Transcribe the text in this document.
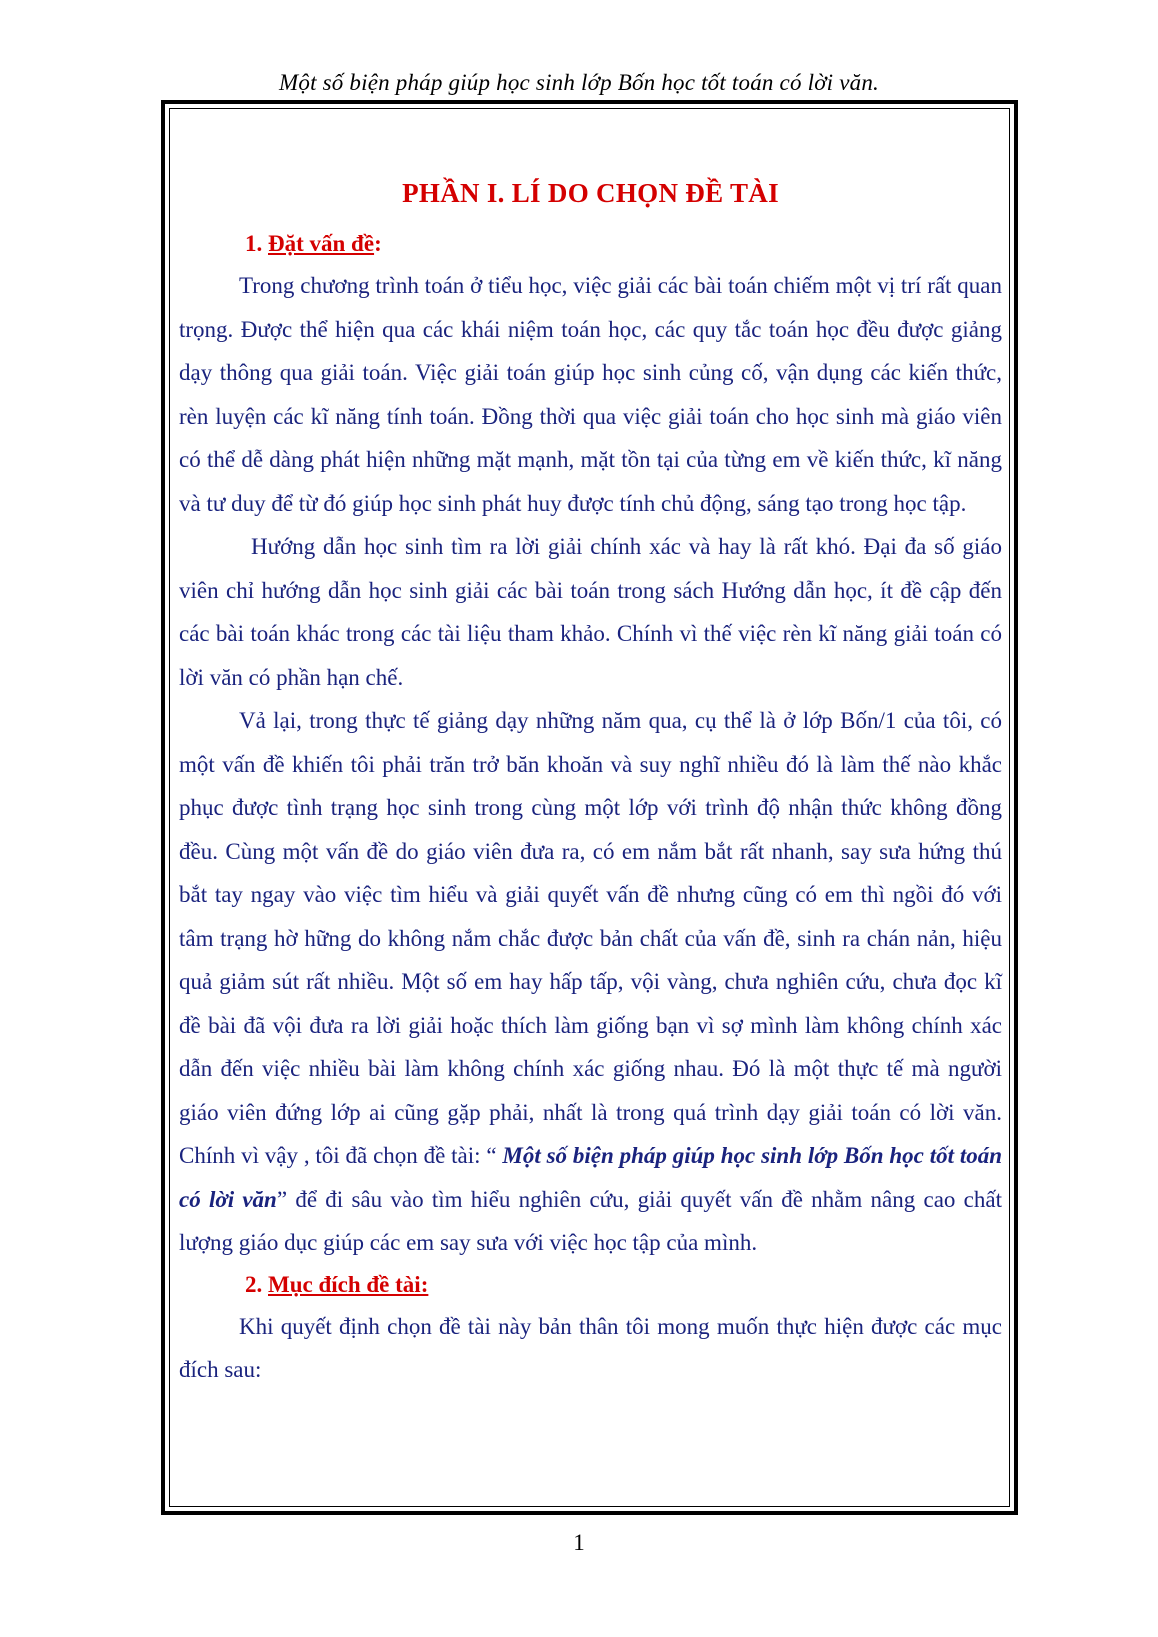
Một số biện pháp giúp học sinh lớp Bốn học tốt toán có lời văn.
PHẦN I. LÍ DO CHỌN ĐỀ TÀI

1. Đặt vấn đề:

Trong chương trình toán ở tiểu học, việc giải các bài toán chiếm một vị trí rất quan trọng. Được thể hiện qua các khái niệm toán học, các quy tắc toán học đều được giảng dạy thông qua giải toán. Việc giải toán giúp học sinh củng cố, vận dụng các kiến thức, rèn luyện các kĩ năng tính toán. Đồng thời qua việc giải toán cho học sinh mà giáo viên có thể dễ dàng phát hiện những mặt mạnh, mặt tồn tại của từng em về kiến thức, kĩ năng và tư duy để từ đó giúp học sinh phát huy được tính chủ động, sáng tạo trong học tập.

Hướng dẫn học sinh tìm ra lời giải chính xác và hay là rất khó. Đại đa số giáo viên chỉ hướng dẫn học sinh giải các bài toán trong sách Hướng dẫn học, ít đề cập đến các bài toán khác trong các tài liệu tham khảo. Chính vì thế việc rèn kĩ năng giải toán có lời văn có phần hạn chế.

Vả lại, trong thực tế giảng dạy những năm qua, cụ thể là ở lớp Bốn/1 của tôi, có một vấn đề khiến tôi phải trăn trở băn khoăn và suy nghĩ nhiều đó là làm thế nào khắc phục được tình trạng học sinh trong cùng một lớp với trình độ nhận thức không đồng đều. Cùng một vấn đề do giáo viên đưa ra, có em nắm bắt rất nhanh, say sưa hứng thú bắt tay ngay vào việc tìm hiểu và giải quyết vấn đề nhưng cũng có em thì ngồi đó với tâm trạng hờ hững do không nắm chắc được bản chất của vấn đề, sinh ra chán nản, hiệu quả giảm sút rất nhiều. Một số em hay hấp tấp, vội vàng, chưa nghiên cứu, chưa đọc kĩ đề bài đã vội đưa ra lời giải hoặc thích làm giống bạn vì sợ mình làm không chính xác dẫn đến việc nhiều bài làm không chính xác giống nhau. Đó là một thực tế mà người giáo viên đứng lớp ai cũng gặp phải, nhất là trong quá trình dạy giải toán có lời văn. Chính vì vậy , tôi đã chọn đề tài: “ Một số biện pháp giúp học sinh lớp Bốn học tốt toán có lời văn” để đi sâu vào tìm hiểu nghiên cứu, giải quyết vấn đề nhằm nâng cao chất lượng giáo dục giúp các em say sưa với việc học tập của mình.

2. Mục đích đề tài:

Khi quyết định chọn đề tài này bản thân tôi mong muốn thực hiện được các mục đích sau:

1
